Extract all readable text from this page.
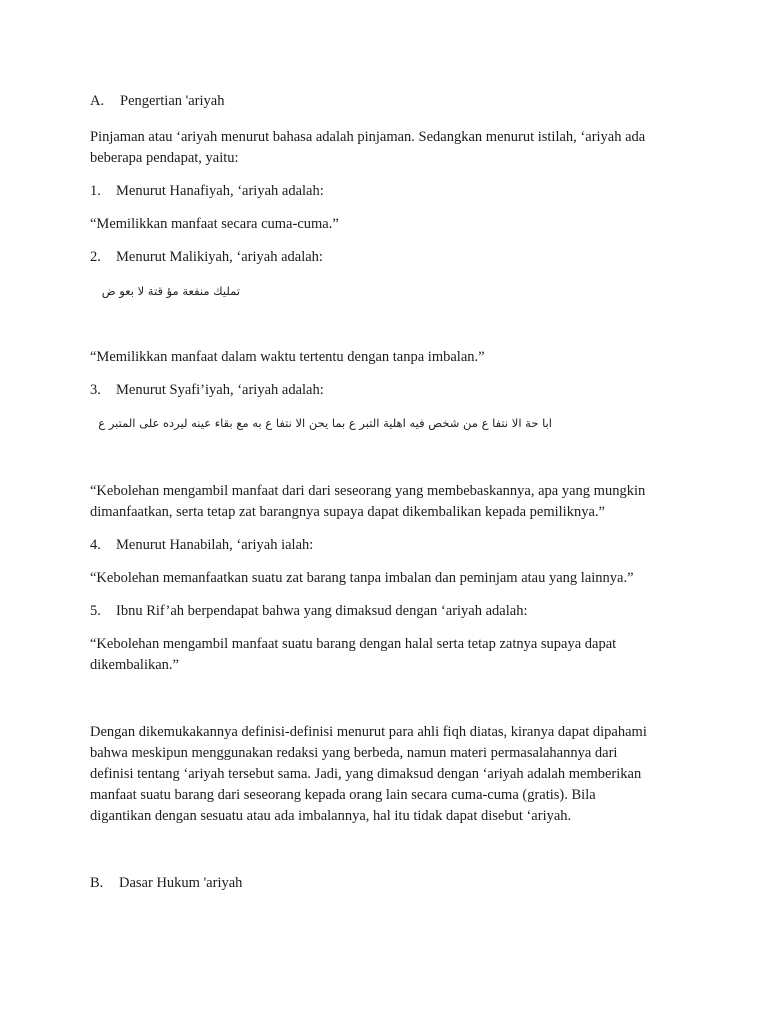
A. Pengertian 'ariyah
Pinjaman atau ‘ariyah menurut bahasa adalah pinjaman. Sedangkan menurut istilah, ‘ariyah ada
beberapa pendapat, yaitu:
1. Menurut Hanafiyah, ‘ariyah adalah:
“Memilikkan manfaat secara cuma-cuma.”
2. Menurut Malikiyah, ‘ariyah adalah:
تمليك منفعة مؤ قتة لا بعو ض
“Memilikkan manfaat dalam waktu tertentu dengan tanpa imbalan.”
3. Menurut Syafi’iyah, ‘ariyah adalah:
ابا حة الا نتفا ع من شخص فيه اهلية التبر ع بما يحن الا نتفا ع به مع بقاء عينه ليرده على المتبر ع
“Kebolehan mengambil manfaat dari dari seseorang yang membebaskannya, apa yang mungkin
dimanfaatkan, serta tetap zat barangnya supaya dapat dikembalikan kepada pemiliknya.”
4. Menurut Hanabilah, ‘ariyah ialah:
“Kebolehan memanfaatkan suatu zat barang tanpa imbalan dan peminjam atau yang lainnya.”
5. Ibnu Rif’ah berpendapat bahwa yang dimaksud dengan ‘ariyah adalah:
“Kebolehan mengambil manfaat suatu barang dengan halal serta tetap zatnya supaya dapat
dikembalikan.”
Dengan dikemukakannya definisi-definisi menurut para ahli fiqh diatas, kiranya dapat dipahami
bahwa meskipun menggunakan redaksi yang berbeda, namun materi permasalahannya dari
definisi tentang ‘ariyah tersebut sama. Jadi, yang dimaksud dengan ‘ariyah adalah memberikan
manfaat suatu barang dari seseorang kepada orang lain secara cuma-cuma (gratis). Bila
digantikan dengan sesuatu atau ada imbalannya, hal itu tidak dapat disebut ‘ariyah.
B. Dasar Hukum 'ariyah
